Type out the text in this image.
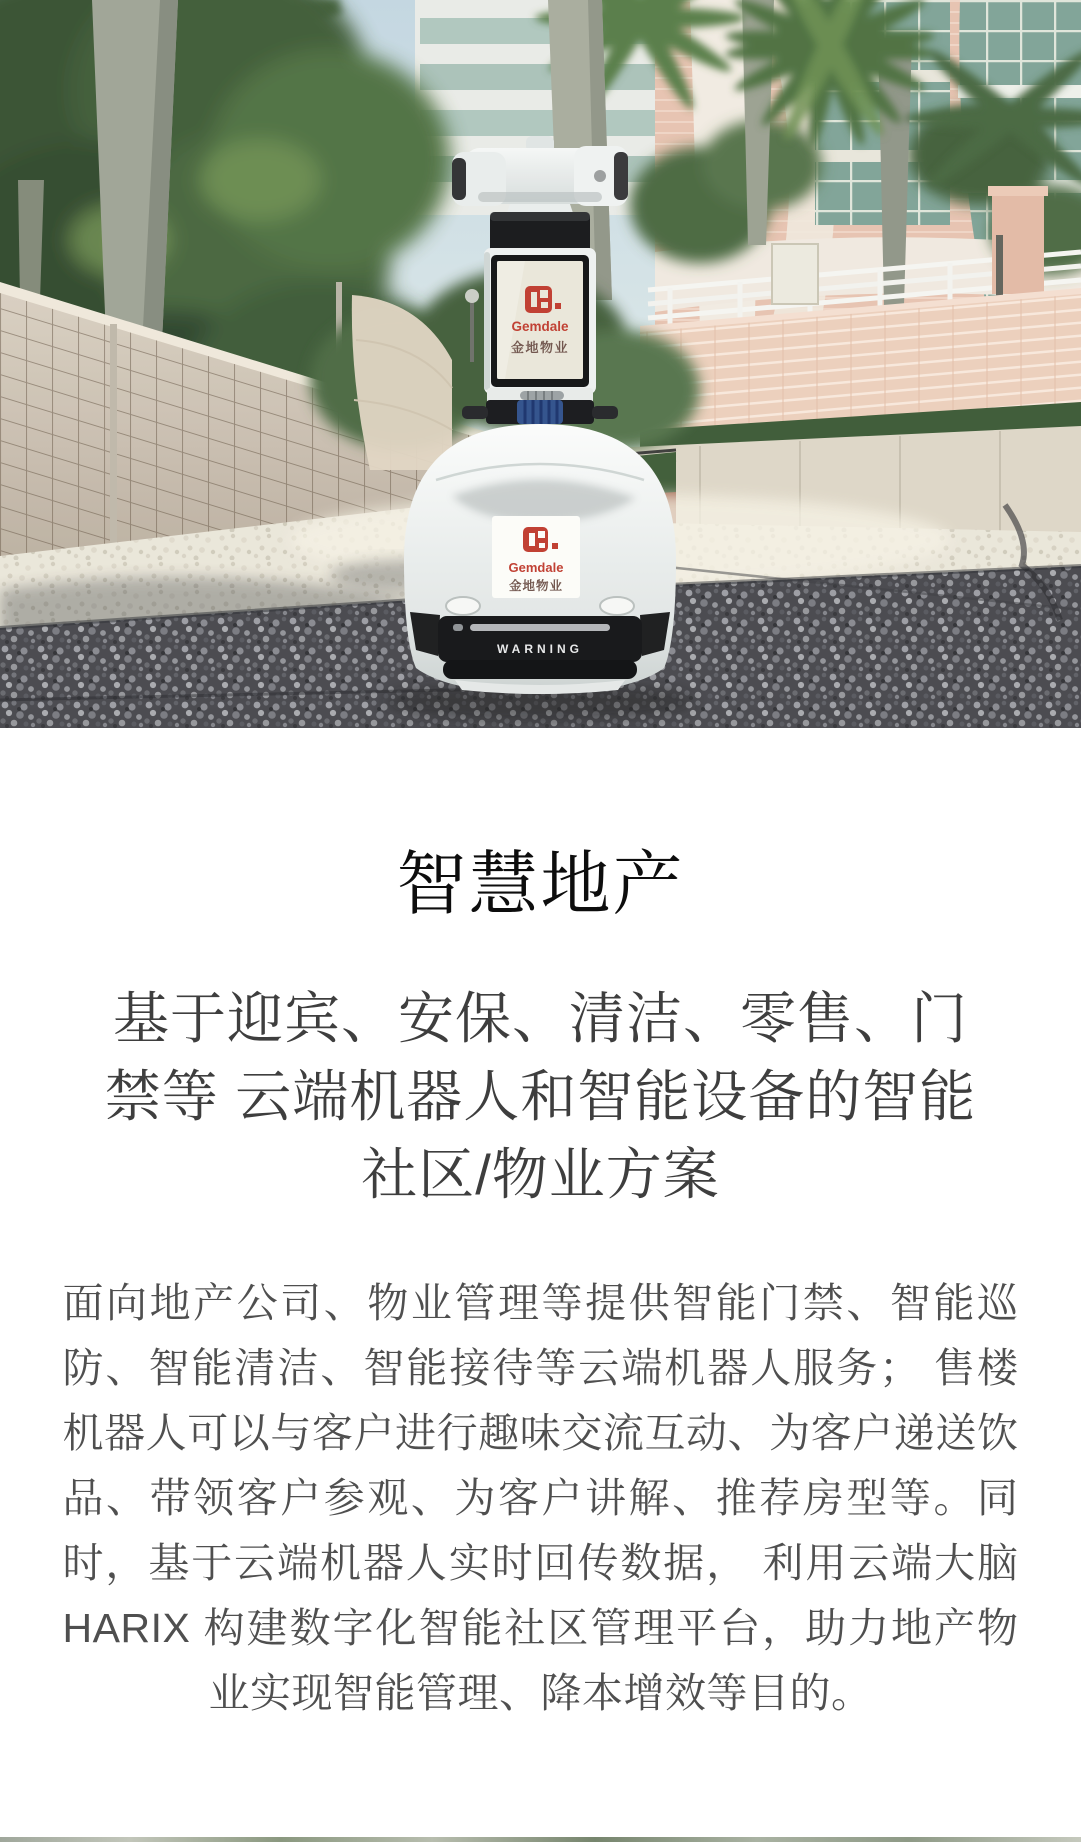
Gemdale
金地物业
Gemdale
金地物业
WARNING
智慧地产
基于迎宾、安保、清洁、零售、门
禁等 云端机器人和智能设备的智能
社区/物业方案

面向地产公司、物业管理等提供智能门禁、智能巡防、智能清洁、智能接待等云端机器人服务； 售楼机器人可以与客户进行趣味交流互动、为客户递送饮品、带领客户参观、为客户讲解、推荐房型等。同时，基于云端机器人实时回传数据， 利用云端大脑 HARIX 构建数字化智能社区管理平台，助力地产物业实现智能管理、降本增效等目的。
